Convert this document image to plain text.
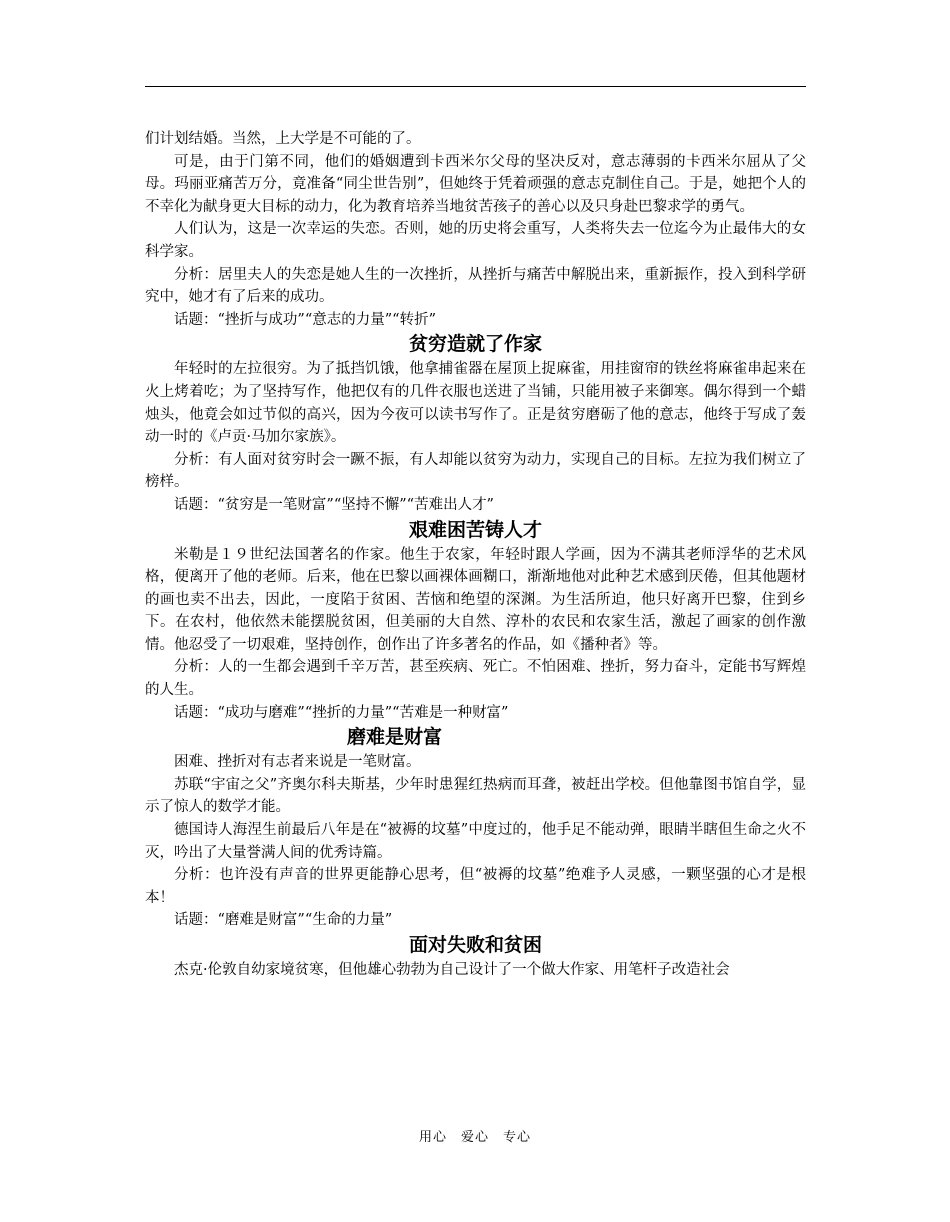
们计划结婚。当然，上大学是不可能的了。

可是，由于门第不同，他们的婚姻遭到卡西米尔父母的坚决反对，意志薄弱的卡西米尔屈从了父母。玛丽亚痛苦万分，竟准备“同尘世告别”，但她终于凭着顽强的意志克制住自己。于是，她把个人的不幸化为献身更大目标的动力，化为教育培养当地贫苦孩子的善心以及只身赴巴黎求学的勇气。

人们认为，这是一次幸运的失恋。否则，她的历史将会重写，人类将失去一位迄今为止最伟大的女科学家。

分析：居里夫人的失恋是她人生的一次挫折，从挫折与痛苦中解脱出来，重新振作，投入到科学研究中，她才有了后来的成功。

话题：“挫折与成功”“意志的力量”“转折”

贫穷造就了作家

年轻时的左拉很穷。为了抵挡饥饿，他拿捕雀器在屋顶上捉麻雀，用挂窗帘的铁丝将麻雀串起来在火上烤着吃；为了坚持写作，他把仅有的几件衣服也送进了当铺，只能用被子来御寒。偶尔得到一个蜡烛头，他竟会如过节似的高兴，因为今夜可以读书写作了。正是贫穷磨砺了他的意志，他终于写成了轰动一时的《卢贡·马加尔家族》。

分析：有人面对贫穷时会一蹶不振，有人却能以贫穷为动力，实现自己的目标。左拉为我们树立了榜样。

话题：“贫穷是一笔财富”“坚持不懈”“苦难出人才”

艰难困苦铸人才

米勒是１９世纪法国著名的作家。他生于农家，年轻时跟人学画，因为不满其老师浮华的艺术风格，便离开了他的老师。后来，他在巴黎以画裸体画糊口，渐渐地他对此种艺术感到厌倦，但其他题材的画也卖不出去，因此，一度陷于贫困、苦恼和绝望的深渊。为生活所迫，他只好离开巴黎，住到乡下。在农村，他依然未能摆脱贫困，但美丽的大自然、淳朴的农民和农家生活，激起了画家的创作激情。他忍受了一切艰难，坚持创作，创作出了许多著名的作品，如《播种者》等。

分析：人的一生都会遇到千辛万苦，甚至疾病、死亡。不怕困难、挫折，努力奋斗，定能书写辉煌的人生。

话题：“成功与磨难”“挫折的力量”“苦难是一种财富”

磨难是财富

困难、挫折对有志者来说是一笔财富。

苏联“宇宙之父”齐奥尔科夫斯基，少年时患猩红热病而耳聋，被赶出学校。但他靠图书馆自学，显示了惊人的数学才能。

德国诗人海涅生前最后八年是在“被褥的坟墓”中度过的，他手足不能动弹，眼睛半瞎但生命之火不灭，吟出了大量誉满人间的优秀诗篇。

分析：也许没有声音的世界更能静心思考，但“被褥的坟墓”绝难予人灵感，一颗坚强的心才是根本！

话题：“磨难是财富”“生命的力量”

面对失败和贫困

杰克·伦敦自幼家境贫寒，但他雄心勃勃为自己设计了一个做大作家、用笔杆子改造社会

用心　爱心　专心
